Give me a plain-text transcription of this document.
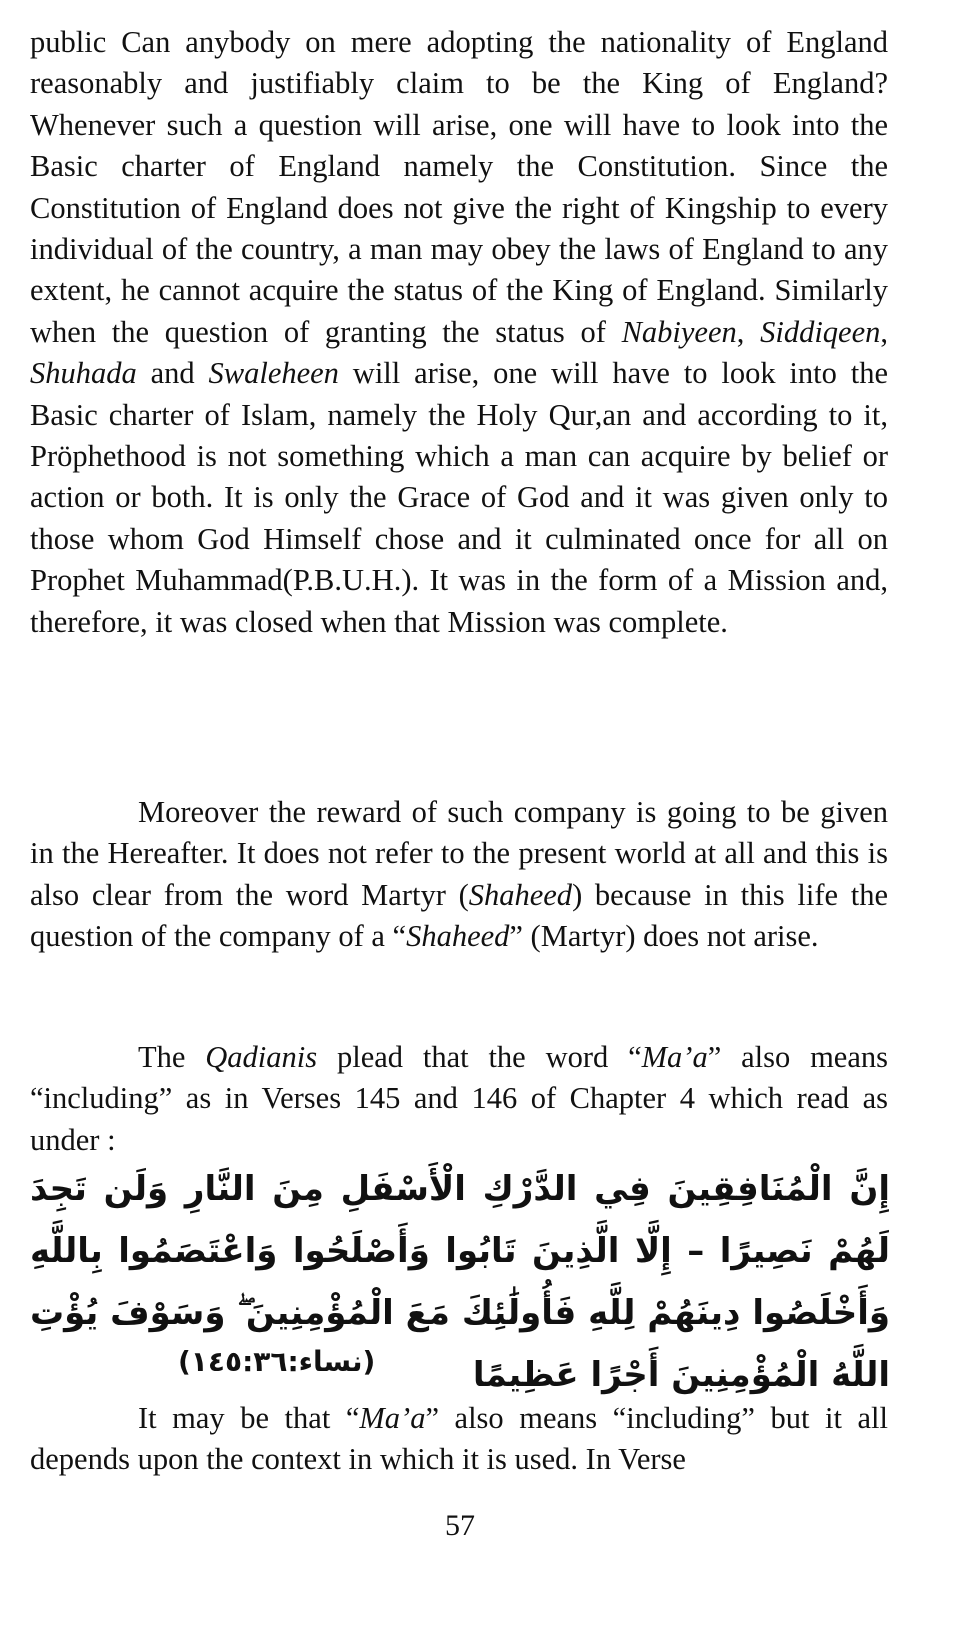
public Can anybody on mere adopting the nationality of England reasonably and justifiably claim to be the King of England? Whenever such a question will arise, one will have to look into the Basic charter of England namely the Constitution. Since the Constitution of England does not give the right of Kingship to every individual of the country, a man may obey the laws of England to any extent, he cannot acquire the status of the King of England. Similarly when the question of granting the status of Nabiyeen, Siddiqeen, Shuhada and Swaleheen will arise, one will have to look into the Basic charter of Islam, namely the Holy Qur,an and according to it, Pröphethood is not something which a man can acquire by belief or action or both. It is only the Grace of God and it was given only to those whom God Himself chose and it culminated once for all on Prophet Muhammad(P.B.U.H.). It was in the form of a Mission and, therefore, it was closed when that Mission was complete.

Moreover the reward of such company is going to be given in the Hereafter. It does not refer to the present world at all and this is also clear from the word Martyr (Shaheed) because in this life the question of the company of a “Shaheed” (Martyr) does not arise.

The Qadianis plead that the word “Ma’a” also means “including” as in Verses 145 and 146 of Chapter 4 which read as under :

إِنَّ الْمُنَافِقِينَ فِي الدَّرْكِ الْأَسْفَلِ مِنَ النَّارِ وَلَن تَجِدَ لَهُمْ نَصِيرًا – إِلَّا الَّذِينَ تَابُوا وَأَصْلَحُوا وَاعْتَصَمُوا بِاللَّهِ وَأَخْلَصُوا دِينَهُمْ لِلَّهِ فَأُولَٰئِكَ مَعَ الْمُؤْمِنِينَ ۖ وَسَوْفَ يُؤْتِ اللَّهُ الْمُؤْمِنِينَ أَجْرًا عَظِيمًا

(نساء:١٤٥:٣٦)

It may be that “Ma’a” also means “including” but it all depends upon the context in which it is used. In Verse

57
